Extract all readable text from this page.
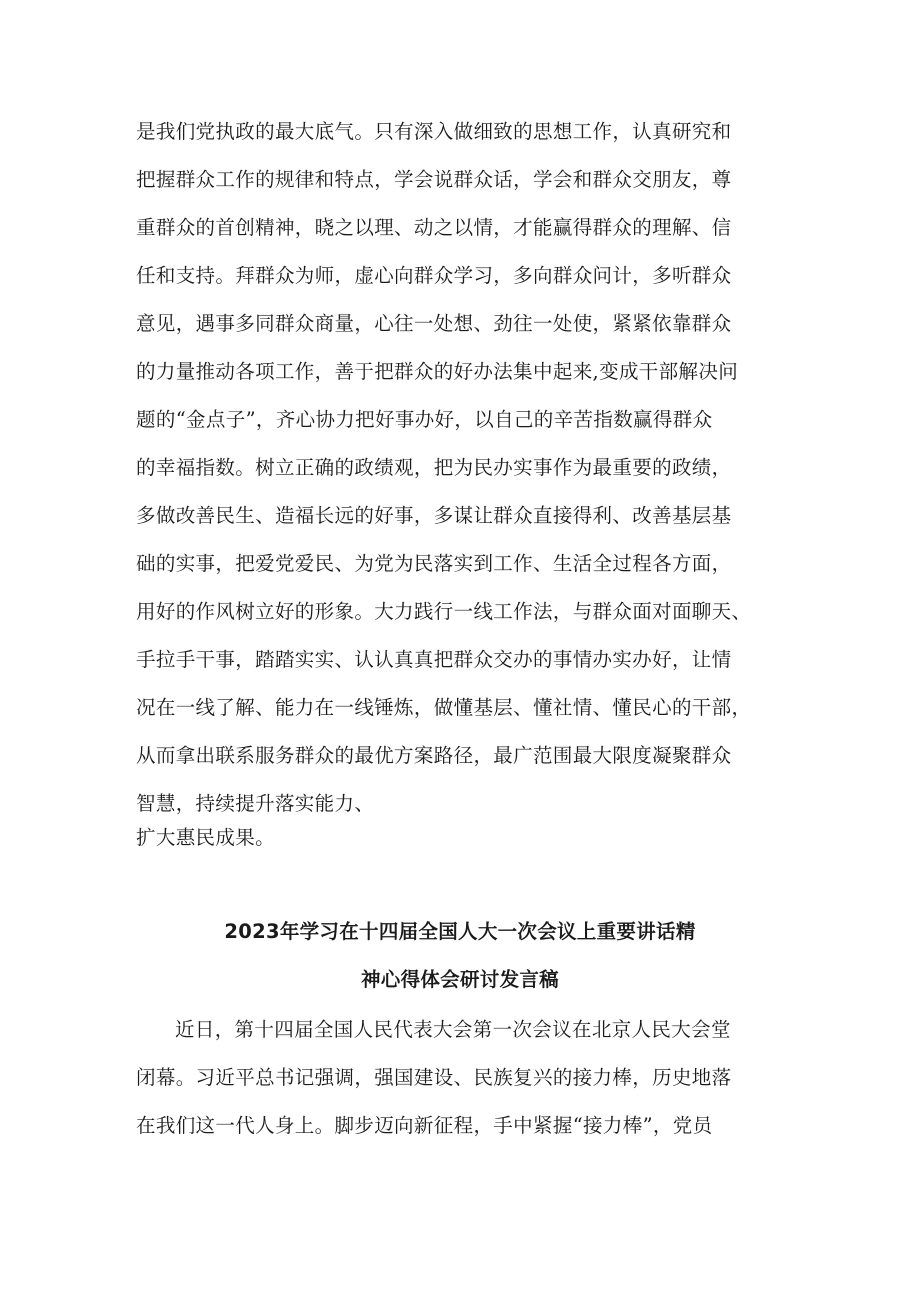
是我们党执政的最大底气。只有深入做细致的思想工作，认真研究和
把握群众工作的规律和特点，学会说群众话，学会和群众交朋友，尊
重群众的首创精神，晓之以理、动之以情，才能赢得群众的理解、信
任和支持。拜群众为师，虚心向群众学习，多向群众问计，多听群众
意见，遇事多同群众商量，心往一处想、劲往一处使，紧紧依靠群众
的力量推动各项工作，善于把群众的好办法集中起来,变成干部解决问
题的“金点子”，齐心协力把好事办好，以自己的辛苦指数赢得群众
的幸福指数。树立正确的政绩观，把为民办实事作为最重要的政绩，
多做改善民生、造福长远的好事，多谋让群众直接得利、改善基层基
础的实事，把爱党爱民、为党为民落实到工作、生活全过程各方面，
用好的作风树立好的形象。大力践行一线工作法，与群众面对面聊天、
手拉手干事，踏踏实实、认认真真把群众交办的事情办实办好，让情
况在一线了解、能力在一线锤炼，做懂基层、懂社情、懂民心的干部，
从而拿出联系服务群众的最优方案路径，最广范围最大限度凝聚群众
智慧，持续提升落实能力、
扩大惠民成果。
2023年学习在十四届全国人大一次会议上重要讲话精
神心得体会研讨发言稿
近日，第十四届全国人民代表大会第一次会议在北京人民大会堂
闭幕。习近平总书记强调，强国建设、民族复兴的接力棒，历史地落
在我们这一代人身上。脚步迈向新征程，手中紧握“接力棒”，党员
